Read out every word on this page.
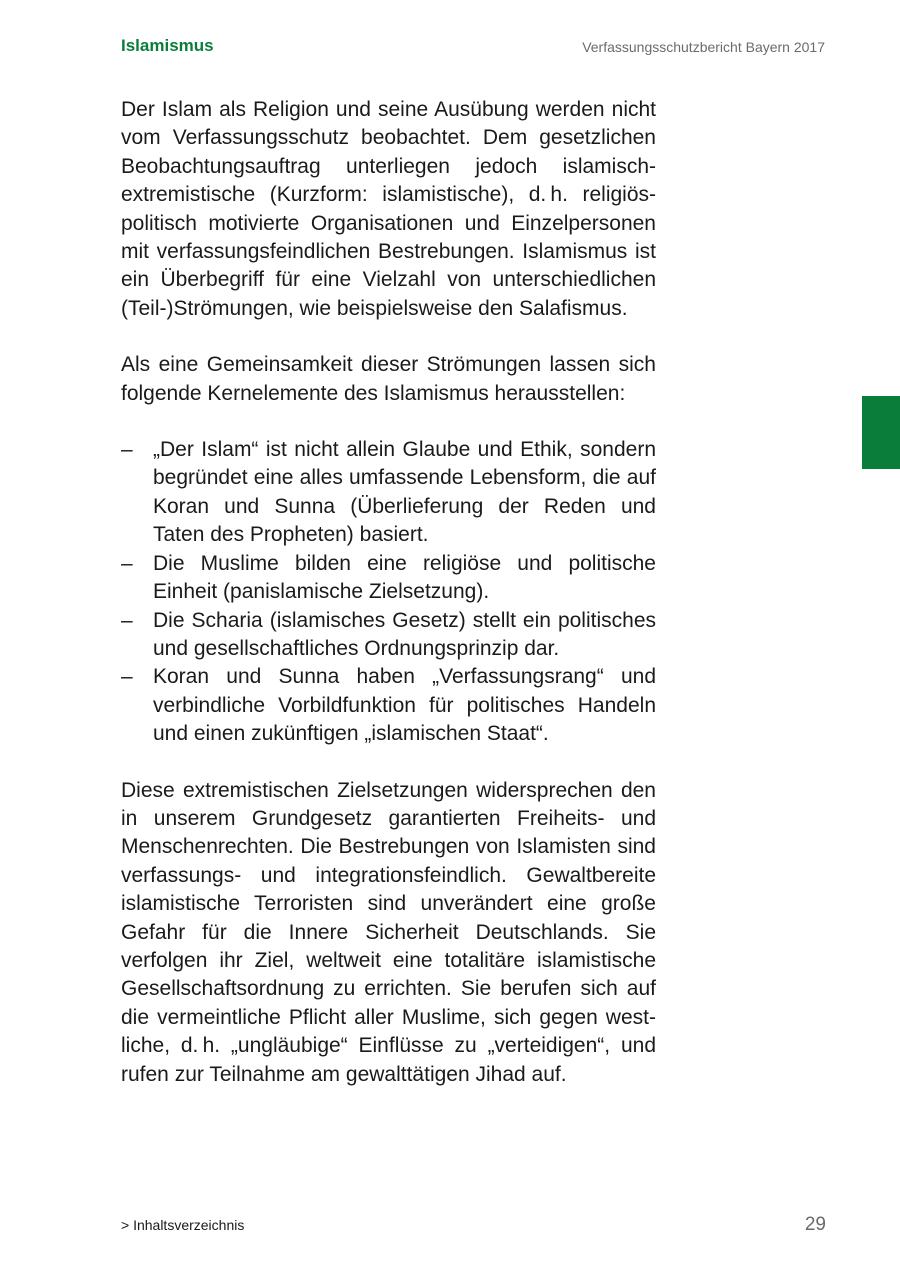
Islamismus	Verfassungsschutzbericht Bayern 2017

Der Islam als Religion und seine Ausübung werden nicht vom Verfassungsschutz beobachtet. Dem gesetzlichen Beobachtungsauftrag unterliegen jedoch islamisch-extremistische (Kurzform: islamistische), d. h. religiös-politisch motivierte Organisationen und Einzelpersonen mit verfassungsfeindlichen Bestrebungen. Islamismus ist ein Überbegriff für eine Vielzahl von unterschiedlichen (Teil-)Strömungen, wie beispielsweise den Salafismus.

Als eine Gemeinsamkeit dieser Strömungen lassen sich folgende Kernelemente des Islamismus herausstellen:

– „Der Islam“ ist nicht allein Glaube und Ethik, sondern begründet eine alles umfassende Lebensform, die auf Koran und Sunna (Überlieferung der Reden und Taten des Propheten) basiert.
– Die Muslime bilden eine religiöse und politische Einheit (panislamische Zielsetzung).
– Die Scharia (islamisches Gesetz) stellt ein politisches und gesellschaftliches Ordnungsprinzip dar.
– Koran und Sunna haben „Verfassungsrang“ und verbindliche Vorbildfunktion für politisches Handeln und einen zukünftigen „islamischen Staat“.

Diese extremistischen Zielsetzungen widersprechen den in unserem Grundgesetz garantierten Freiheits- und Menschenrechten. Die Bestrebungen von Islamisten sind verfassungs- und integrationsfeindlich. Gewaltbereite islamistische Terroristen sind unverändert eine große Gefahr für die Innere Sicherheit Deutschlands. Sie verfolgen ihr Ziel, weltweit eine totalitäre islamistische Gesellschaftsordnung zu errichten. Sie berufen sich auf die vermeintliche Pflicht aller Muslime, sich gegen westliche, d. h. „ungläubige“ Einflüsse zu „verteidigen“, und rufen zur Teilnahme am gewalttätigen Jihad auf.

> Inhaltsverzeichnis	29
